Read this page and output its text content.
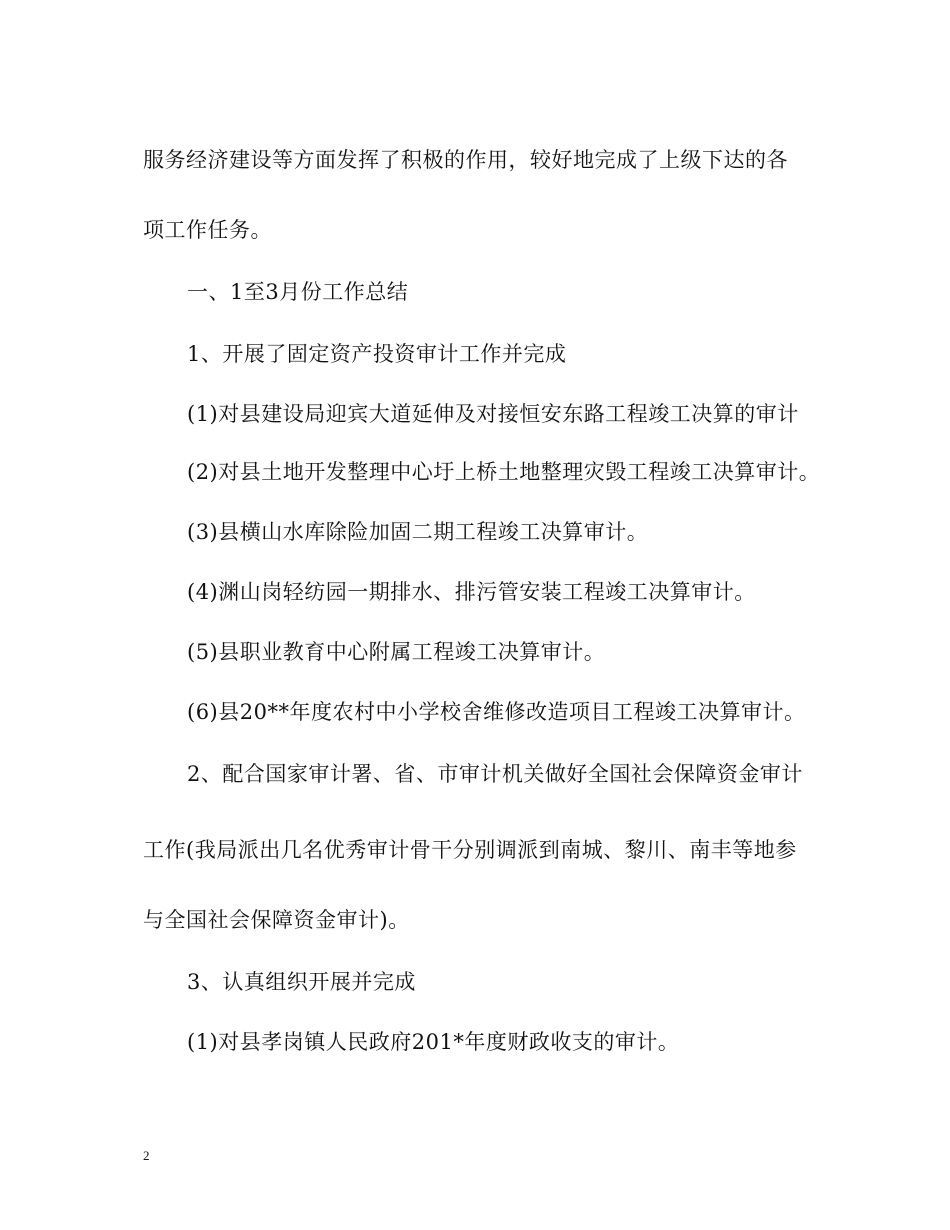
服务经济建设等方面发挥了积极的作用，较好地完成了上级下达的各
项工作任务。
一、1至3月份工作总结
1、开展了固定资产投资审计工作并完成
(1)对县建设局迎宾大道延伸及对接恒安东路工程竣工决算的审计
(2)对县土地开发整理中心圩上桥土地整理灾毁工程竣工决算审计。
(3)县横山水库除险加固二期工程竣工决算审计。
(4)渊山岗轻纺园一期排水、排污管安装工程竣工决算审计。
(5)县职业教育中心附属工程竣工决算审计。
(6)县20**年度农村中小学校舍维修改造项目工程竣工决算审计。
2、配合国家审计署、省、市审计机关做好全国社会保障资金审计
工作(我局派出几名优秀审计骨干分别调派到南城、黎川、南丰等地参
与全国社会保障资金审计)。
3、认真组织开展并完成
(1)对县孝岗镇人民政府201*年度财政收支的审计。
2
